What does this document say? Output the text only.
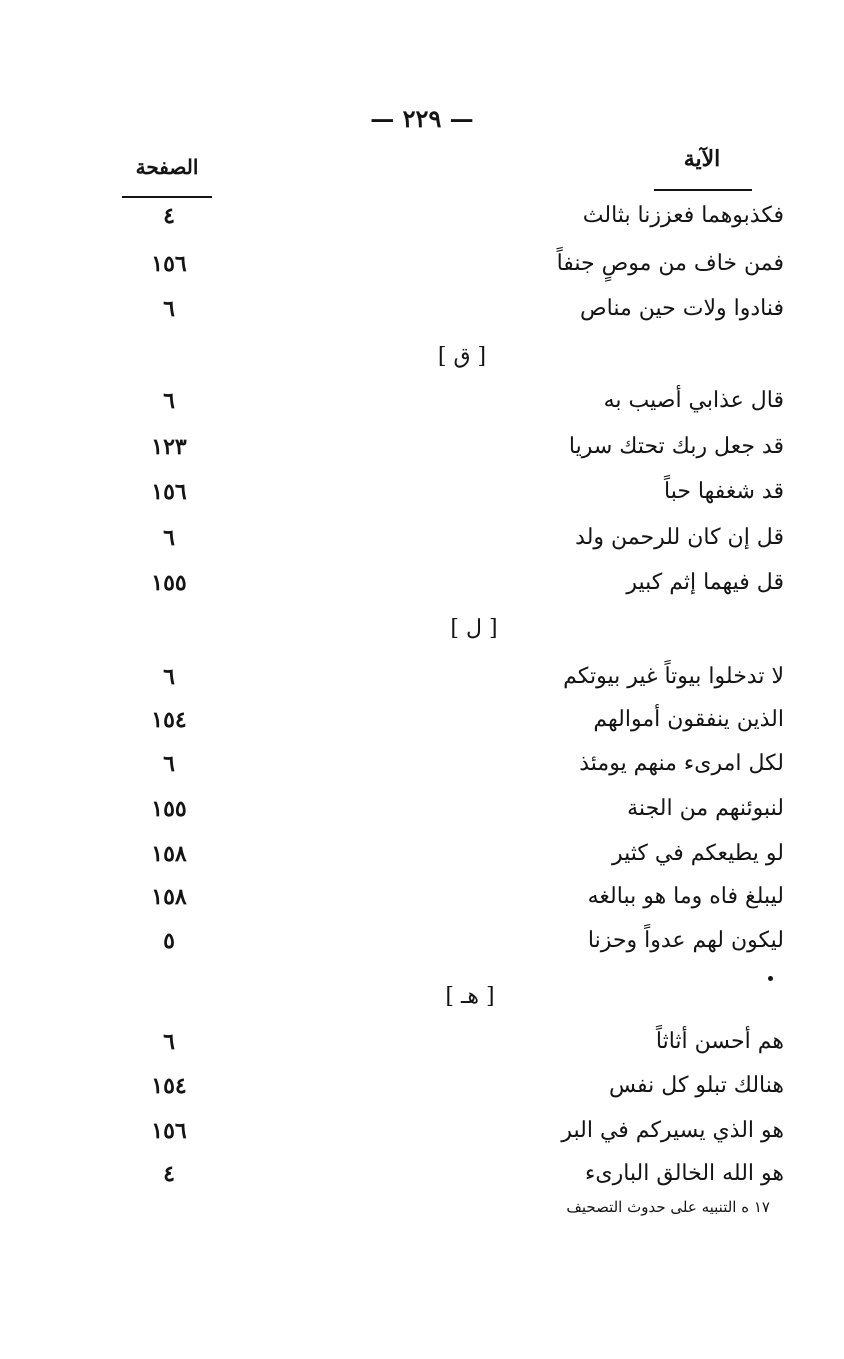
— ٢٢٩ —
الآية
الصفحة
فكذبوهما فعززنا بثالث
٤
فمن خاف من موصٍ جنفاً
١٥٦
فنادوا ولات حين مناص
٦
[ ق ]
قال عذابي أصيب به
٦
قد جعل ربك تحتك سريا
١٢٣
قد شغفها حباً
١٥٦
قل إن كان للرحمن ولد
٦
قل فيهما إثم كبير
١٥٥
[ ل ]
لا تدخلوا بيوتاً غير بيوتكم
٦
الذين ينفقون أموالهم
١٥٤
لكل امرىء منهم يومئذ
٦
لنبوئنهم من الجنة
١٥٥
لو يطيعكم في كثير
١٥٨
ليبلغ فاه وما هو ببالغه
١٥٨
ليكون لهم عدواً وحزنا
٥
[ هـ ]
هم أحسن أثاثاً
٦
هنالك تبلو كل نفس
١٥٤
هو الذي يسيركم في البر
١٥٦
هو الله الخالق البارىء
٤
١٧ ه التنبيه على حدوث التصحيف
